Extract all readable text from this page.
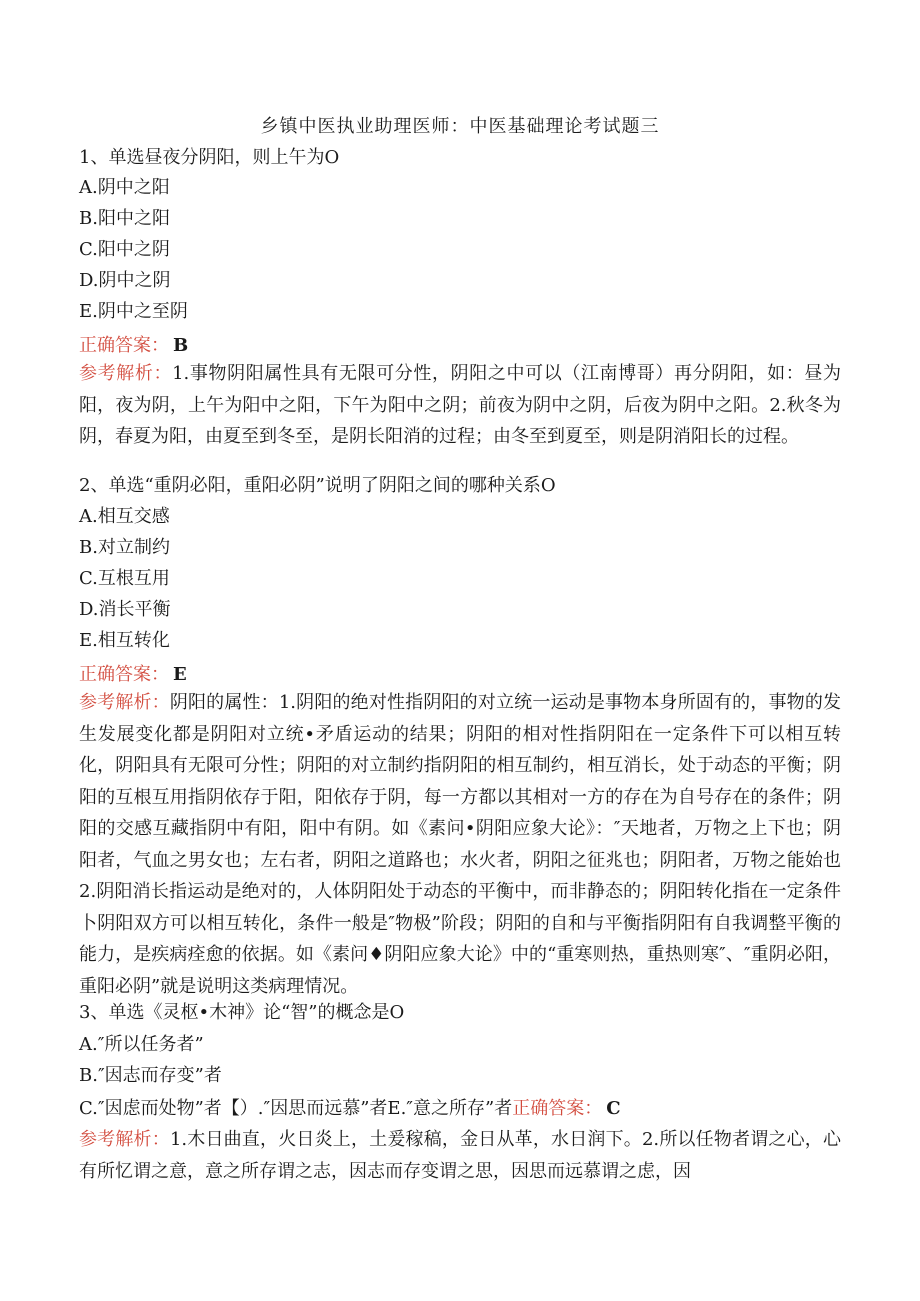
乡镇中医执业助理医师：中医基础理论考试题三
1、单选昼夜分阴阳，则上午为O
A.阴中之阳
B.阳中之阳
C.阳中之阴
D.阴中之阴
E.阴中之至阴
正确答案： B
参考解析：1.事物阴阳属性具有无限可分性，阴阳之中可以（江南博哥）再分阴阳，如：昼为阳，夜为阴，上午为阳中之阳，下午为阳中之阴；前夜为阴中之阴，后夜为阴中之阳。2.秋冬为阴，春夏为阳，由夏至到冬至，是阴长阳消的过程；由冬至到夏至，则是阴消阳长的过程。
2、单选“重阴必阳，重阳必阴”说明了阴阳之间的哪种关系O
A.相互交感
B.对立制约
C.互根互用
D.消长平衡
E.相互转化
正确答案： E
参考解析：阴阳的属性：1.阴阳的绝对性指阴阳的对立统一运动是事物本身所固有的，事物的发生发展变化都是阴阳对立统•矛盾运动的结果；阴阳的相对性指阴阳在一定条件下可以相互转化，阴阳具有无限可分性；阴阳的对立制约指阴阳的相互制约，相互消长，处于动态的平衡；阴阳的互根互用指阴依存于阳，阳依存于阴，每一方都以其相对一方的存在为自号存在的条件；阴阳的交感互藏指阴中有阳，阳中有阴。如《素问•阴阳应象大论》：″天地者，万物之上下也；阴阳者，气血之男女也；左右者，阴阳之道路也；水火者，阴阳之征兆也；阴阳者，万物之能始也2.阴阳消长指运动是绝对的，人体阴阳处于动态的平衡中，而非静态的；阴阳转化指在一定条件卜阴阳双方可以相互转化，条件一般是″物极”阶段；阴阳的自和与平衡指阴阳有自我调整平衡的能力，是疾病痊愈的依据。如《素问♦阴阳应象大论》中的“重寒则热，重热则寒″、″重阴必阳，重阳必阴”就是说明这类病理情况。
3、单选《灵枢•木神》论“智”的概念是O
A.″所以任务者”
B.″因志而存变”者
C.″因虑而处物”者【）.″因思而远慕”者E.″意之所存”者正确答案： C
参考解析：1.木日曲直，火日炎上，土爰稼稿，金日从革，水日润下。2.所以任物者谓之心，心有所忆谓之意，意之所存谓之志，因志而存变谓之思，因思而远慕谓之虑，因
